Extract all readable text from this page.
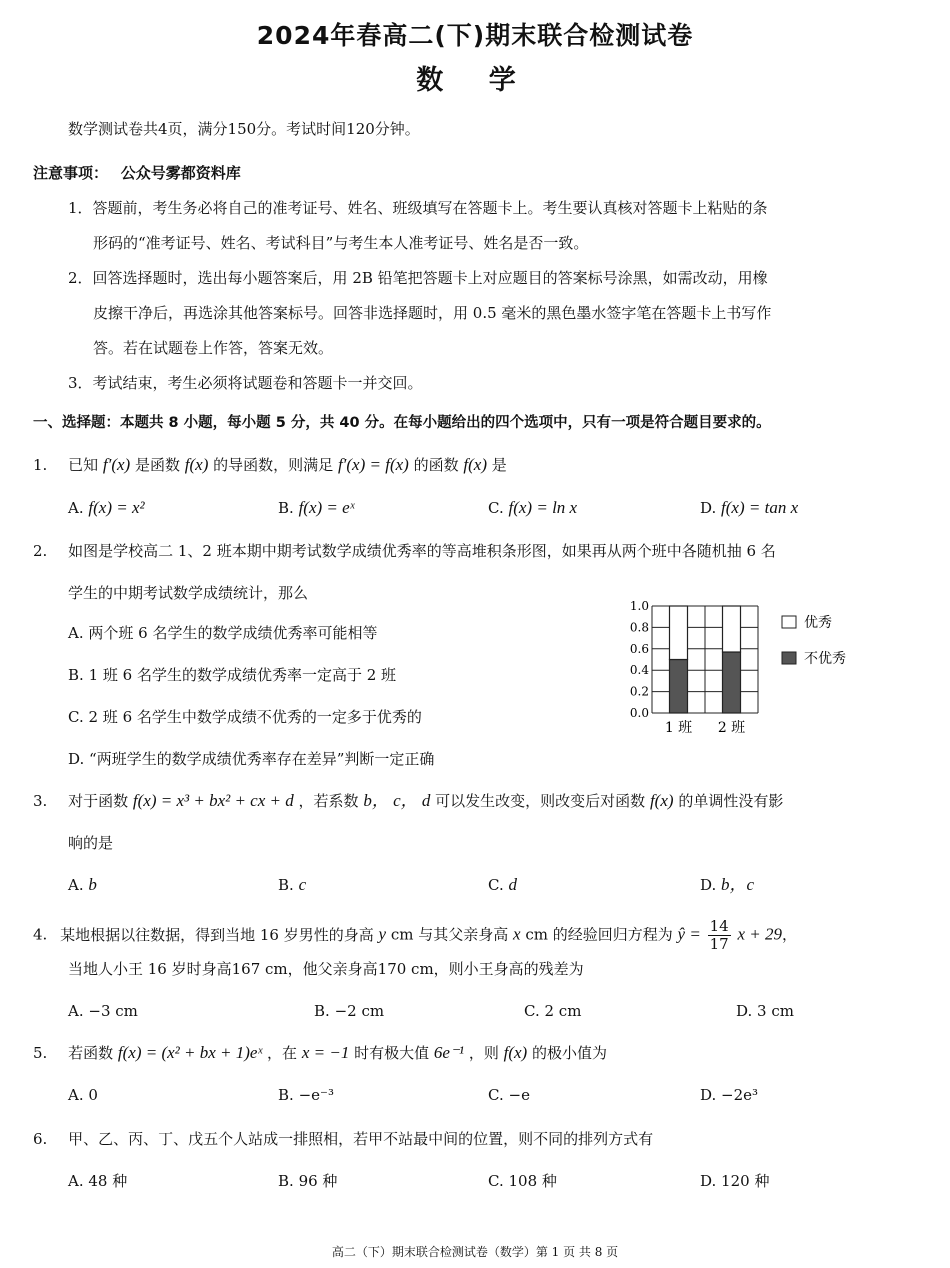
2024年春高二(下)期末联合检测试卷
数 学
数学测试卷共4页，满分150分。考试时间120分钟。
注意事项： 公众号雾都资料库
1．答题前，考生务必将自己的准考证号、姓名、班级填写在答题卡上。考生要认真核对答题卡上粘贴的条
形码的“准考证号、姓名、考试科目”与考生本人准考证号、姓名是否一致。
2．回答选择题时，选出每小题答案后，用 2B 铅笔把答题卡上对应题目的答案标号涂黑，如需改动，用橡
皮擦干净后，再选涂其他答案标号。回答非选择题时，用 0.5 毫米的黑色墨水签字笔在答题卡上书写作
答。若在试题卷上作答，答案无效。
3．考试结束，考生必须将试题卷和答题卡一并交回。
一、选择题：本题共 8 小题，每小题 5 分，共 40 分。在每小题给出的四个选项中，只有一项是符合题目要求的。
1. 已知 f′(x) 是函数 f(x) 的导函数，则满足 f′(x) = f(x) 的函数 f(x) 是
A. f(x) = x²	B. f(x) = eˣ	C. f(x) = ln x	D. f(x) = tan x
2. 如图是学校高二 1、2 班本期中期考试数学成绩优秀率的等高堆积条形图，如果再从两个班中各随机抽 6 名
学生的中期考试数学成绩统计，那么
A. 两个班 6 名学生的数学成绩优秀率可能相等
B. 1 班 6 名学生的数学成绩优秀率一定高于 2 班
C. 2 班 6 名学生中数学成绩不优秀的一定多于优秀的
D. “两班学生的数学成绩优秀率存在差异”判断一定正确
0.0
0.2
0.4
0.6
0.8
1.0
1 班 2 班
优秀
不优秀
3. 对于函数 f(x) = x³ + bx² + cx + d ，若系数 b， c， d 可以发生改变，则改变后对函数 f(x) 的单调性没有影
响的是
A. b	B. c	C. d	D. b，c
4. 某地根据以往数据，得到当地 16 岁男性的身高 y cm 与其父亲身高 x cm 的经验回归方程为 ŷ = $\frac{14}{17}$ x + 29，
当地人小王 16 岁时身高167 cm，他父亲身高170 cm，则小王身高的残差为
A. −3 cm	B. −2 cm	C. 2 cm	D. 3 cm
5. 若函数 f(x) = (x² + bx + 1)eˣ ，在 x = −1 时有极大值 6e⁻¹ ，则 f(x) 的极小值为
A. 0	B. −e⁻³	C. −e	D. −2e³
6. 甲、乙、丙、丁、戊五个人站成一排照相，若甲不站最中间的位置，则不同的排列方式有
A. 48 种	B. 96 种	C. 108 种	D. 120 种
高二（下）期末联合检测试卷（数学）第 1 页 共 8 页
